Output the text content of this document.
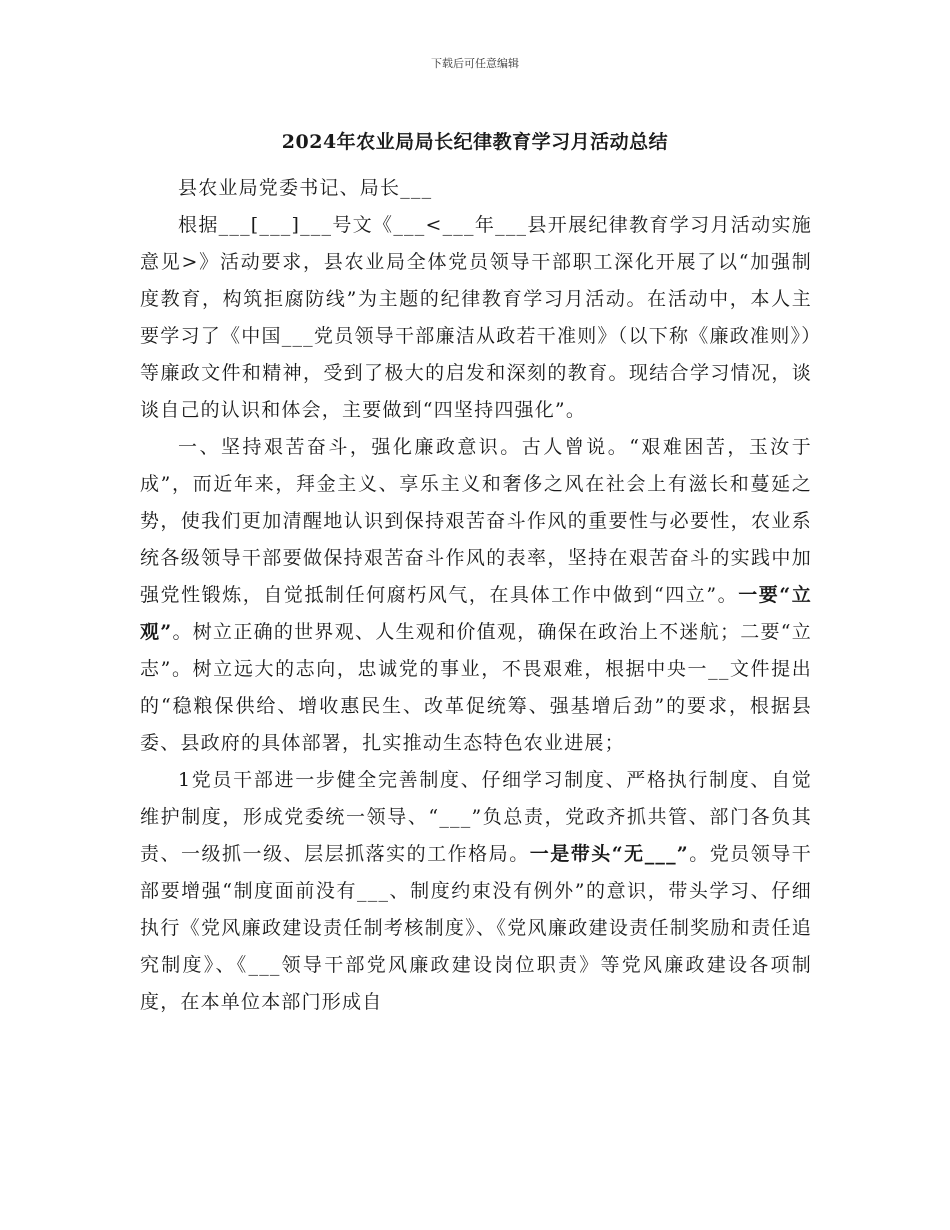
下载后可任意编辑
2024年农业局局长纪律教育学习月活动总结

县农业局党委书记、局长___

根据___[___]___号文《___<___年___县开展纪律教育学习月活动实施意见>》活动要求，县农业局全体党员领导干部职工深化开展了以“加强制度教育，构筑拒腐防线”为主题的纪律教育学习月活动。在活动中，本人主要学习了《中国___党员领导干部廉洁从政若干准则》（以下称《廉政准则》）等廉政文件和精神，受到了极大的启发和深刻的教育。现结合学习情况，谈谈自己的认识和体会，主要做到“四坚持四强化”。

一、坚持艰苦奋斗，强化廉政意识。古人曾说。“艰难困苦，玉汝于成”，而近年来，拜金主义、享乐主义和奢侈之风在社会上有滋长和蔓延之势，使我们更加清醒地认识到保持艰苦奋斗作风的重要性与必要性，农业系统各级领导干部要做保持艰苦奋斗作风的表率，坚持在艰苦奋斗的实践中加强党性锻炼，自觉抵制任何腐朽风气，在具体工作中做到“四立”。一要“立观”。树立正确的世界观、人生观和价值观，确保在政治上不迷航；二要“立志”。树立远大的志向，忠诚党的事业，不畏艰难，根据中央一__文件提出的“稳粮保供给、增收惠民生、改革促统筹、强基增后劲”的要求，根据县委、县政府的具体部署，扎实推动生态特色农业进展；

1党员干部进一步健全完善制度、仔细学习制度、严格执行制度、自觉维护制度，形成党委统一领导、“___”负总责，党政齐抓共管、部门各负其责、一级抓一级、层层抓落实的工作格局。一是带头“无___”。党员领导干部要增强“制度面前没有___、制度约束没有例外”的意识，带头学习、仔细执行《党风廉政建设责任制考核制度》、《党风廉政建设责任制奖励和责任追究制度》、《___领导干部党风廉政建设岗位职责》等党风廉政建设各项制度，在本单位本部门形成自
